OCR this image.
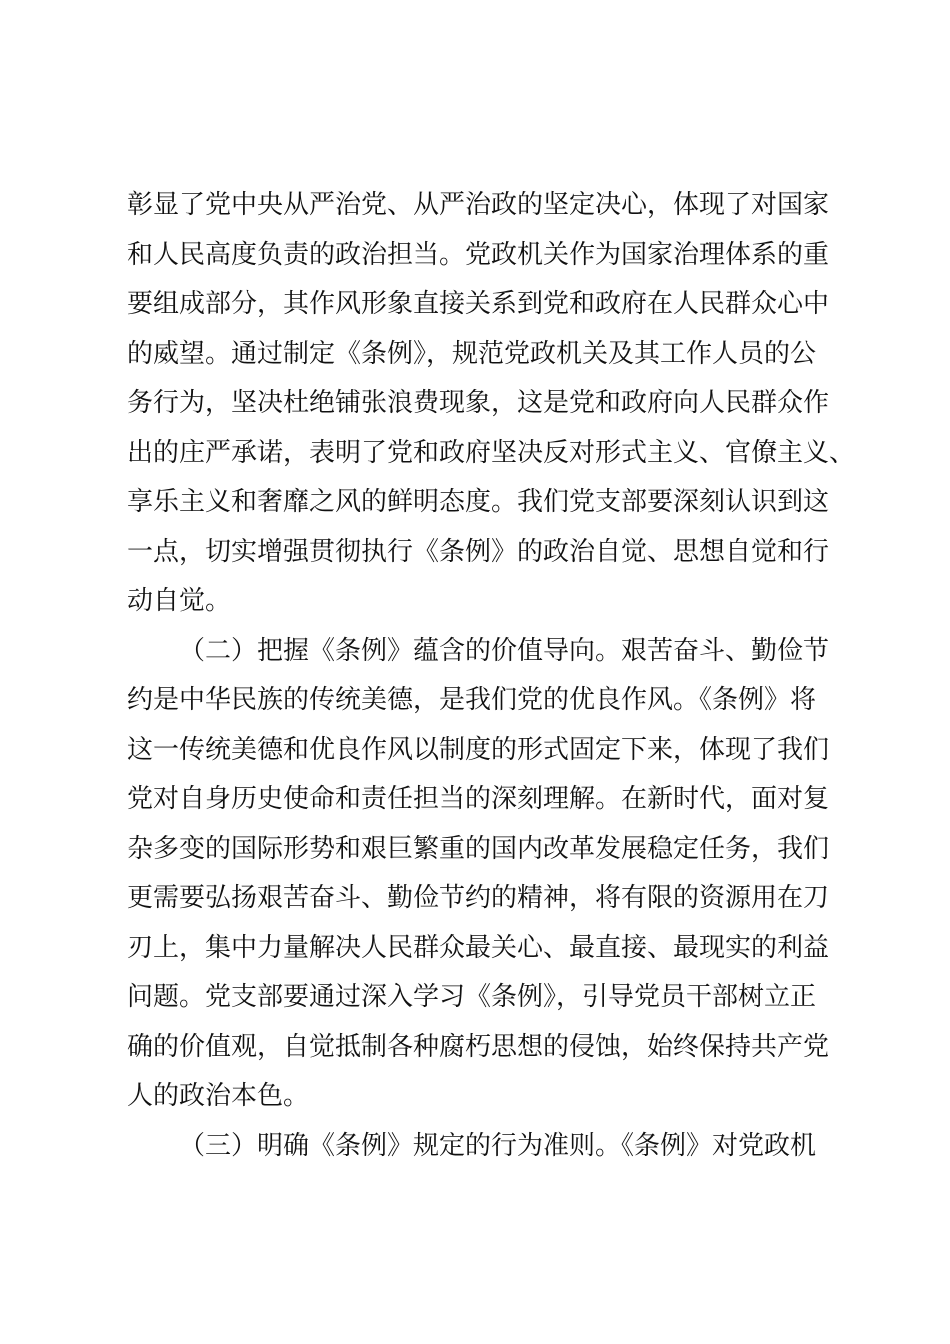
彰显了党中央从严治党、从严治政的坚定决心，体现了对国家
和人民高度负责的政治担当。党政机关作为国家治理体系的重
要组成部分，其作风形象直接关系到党和政府在人民群众心中
的威望。通过制定《条例》，规范党政机关及其工作人员的公
务行为，坚决杜绝铺张浪费现象，这是党和政府向人民群众作
出的庄严承诺，表明了党和政府坚决反对形式主义、官僚主义、
享乐主义和奢靡之风的鲜明态度。我们党支部要深刻认识到这
一点，切实增强贯彻执行《条例》的政治自觉、思想自觉和行
动自觉。
（二）把握《条例》蕴含的价值导向。艰苦奋斗、勤俭节
约是中华民族的传统美德，是我们党的优良作风。《条例》将
这一传统美德和优良作风以制度的形式固定下来，体现了我们
党对自身历史使命和责任担当的深刻理解。在新时代，面对复
杂多变的国际形势和艰巨繁重的国内改革发展稳定任务，我们
更需要弘扬艰苦奋斗、勤俭节约的精神，将有限的资源用在刀
刃上，集中力量解决人民群众最关心、最直接、最现实的利益
问题。党支部要通过深入学习《条例》，引导党员干部树立正
确的价值观，自觉抵制各种腐朽思想的侵蚀，始终保持共产党
人的政治本色。
（三）明确《条例》规定的行为准则。《条例》对党政机
